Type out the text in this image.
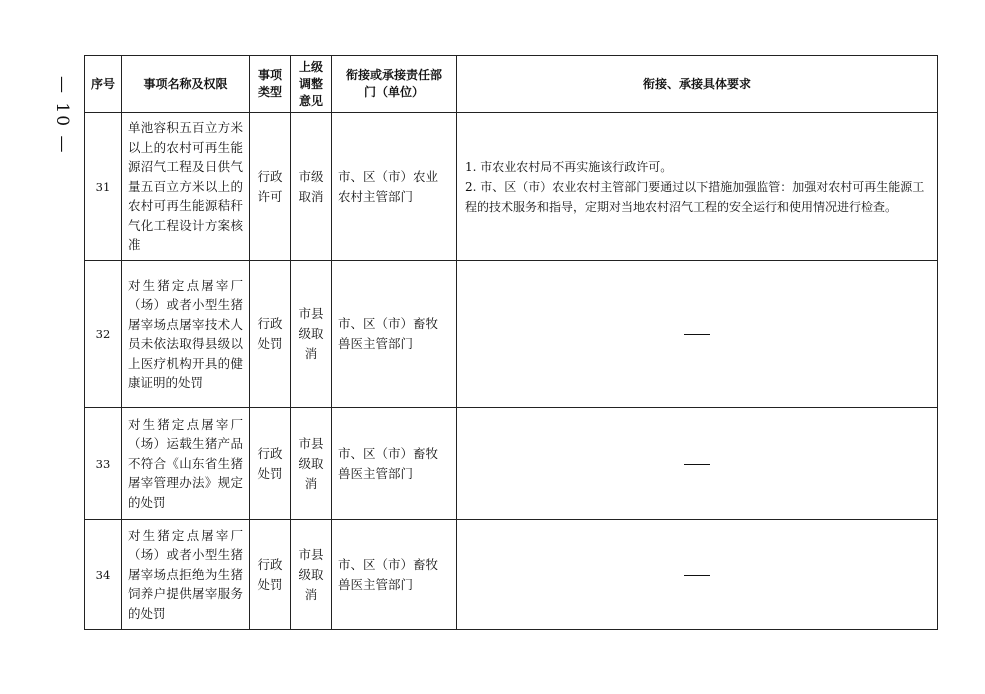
— 10 — 序号	事项名称及权限	事项类型	上级调整意见	衔接或承接责任部门（单位）	衔接、承接具体要求
31	单池容积五百立方米以上的农村可再生能源沼气工程及日供气量五百立方米以上的农村可再生能源秸秆气化工程设计方案核准	行政许可	市级取消	市、区（市）农业农村主管部门	1. 市农业农村局不再实施该行政许可。
2. 市、区（市）农业农村主管部门要通过以下措施加强监管：加强对农村可再生能源工程的技术服务和指导，定期对当地农村沼气工程的安全运行和使用情况进行检查。

32	对生猪定点屠宰厂（场）或者小型生猪屠宰场点屠宰技术人员未依法取得县级以上医疗机构开具的健康证明的处罚	行政处罚	市县级取消	市、区（市）畜牧兽医主管部门	

33	对生猪定点屠宰厂（场）运载生猪产品不符合《山东省生猪屠宰管理办法》规定的处罚	行政处罚	市县级取消	市、区（市）畜牧兽医主管部门	

34	对生猪定点屠宰厂（场）或者小型生猪屠宰场点拒绝为生猪饲养户提供屠宰服务的处罚	行政处罚	市县级取消	市、区（市）畜牧兽医主管部门	
